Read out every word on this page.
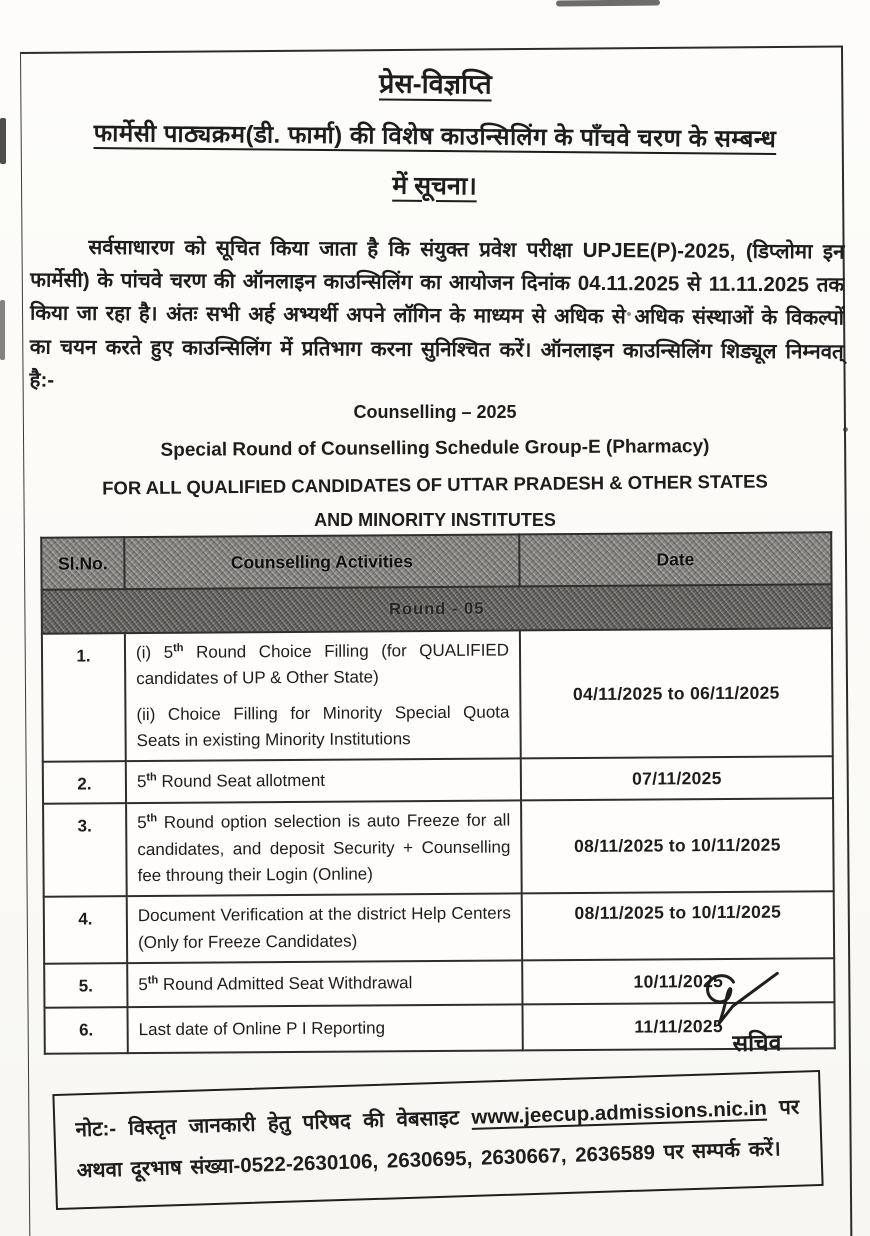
प्रेस-विज्ञप्ति
फार्मेसी पाठ्यक्रम(डी. फार्मा) की विशेष काउन्सिलिंग के पाँचवे चरण के सम्बन्ध
में सूचना।

सर्वसाधारण को सूचित किया जाता है कि संयुक्त प्रवेश परीक्षा UPJEE(P)-2025, (डिप्लोमा इन फार्मेसी) के पांचवे चरण की ऑनलाइन काउन्सिलिंग का आयोजन दिनांक 04.11.2025 से 11.11.2025 तक किया जा रहा है। अंतः सभी अर्ह अभ्यर्थी अपने लॉगिन के माध्यम से अधिक से अधिक संस्थाओं के विकल्पों का चयन करते हुए काउन्सिलिंग में प्रतिभाग करना सुनिश्चित करें। ऑनलाइन काउन्सिलिंग शिड्यूल निम्नवत् है:-

Counselling – 2025
Special Round of Counselling Schedule Group-E (Pharmacy)
FOR ALL QUALIFIED CANDIDATES OF UTTAR PRADESH & OTHER STATES
AND MINORITY INSTITUTES
Sl.No.	Counselling Activities	Date
Round - 05		
1.	(i) 5th Round Choice Filling (for QUALIFIED candidates of UP & Other State)
(ii) Choice Filling for Minority Special Quota Seats in existing Minority Institutions	04/11/2025 to 06/11/2025
2.	5th Round Seat allotment	07/11/2025
3.	5th Round option selection is auto Freeze for all candidates, and deposit Security + Counselling fee throung their Login (Online)	08/11/2025 to 10/11/2025
4.	Document Verification at the district Help Centers (Only for Freeze Candidates)	08/11/2025 to 10/11/2025
5.	5th Round Admitted Seat Withdrawal	10/11/2025
6.	Last date of Online P I Reporting	11/11/2025
सचिव
नोट:- विस्तृत जानकारी हेतु परिषद की वेबसाइट www.jeecup.admissions.nic.in पर अथवा दूरभाष संख्या-0522-2630106, 2630695, 2630667, 2636589 पर सम्पर्क करें।
